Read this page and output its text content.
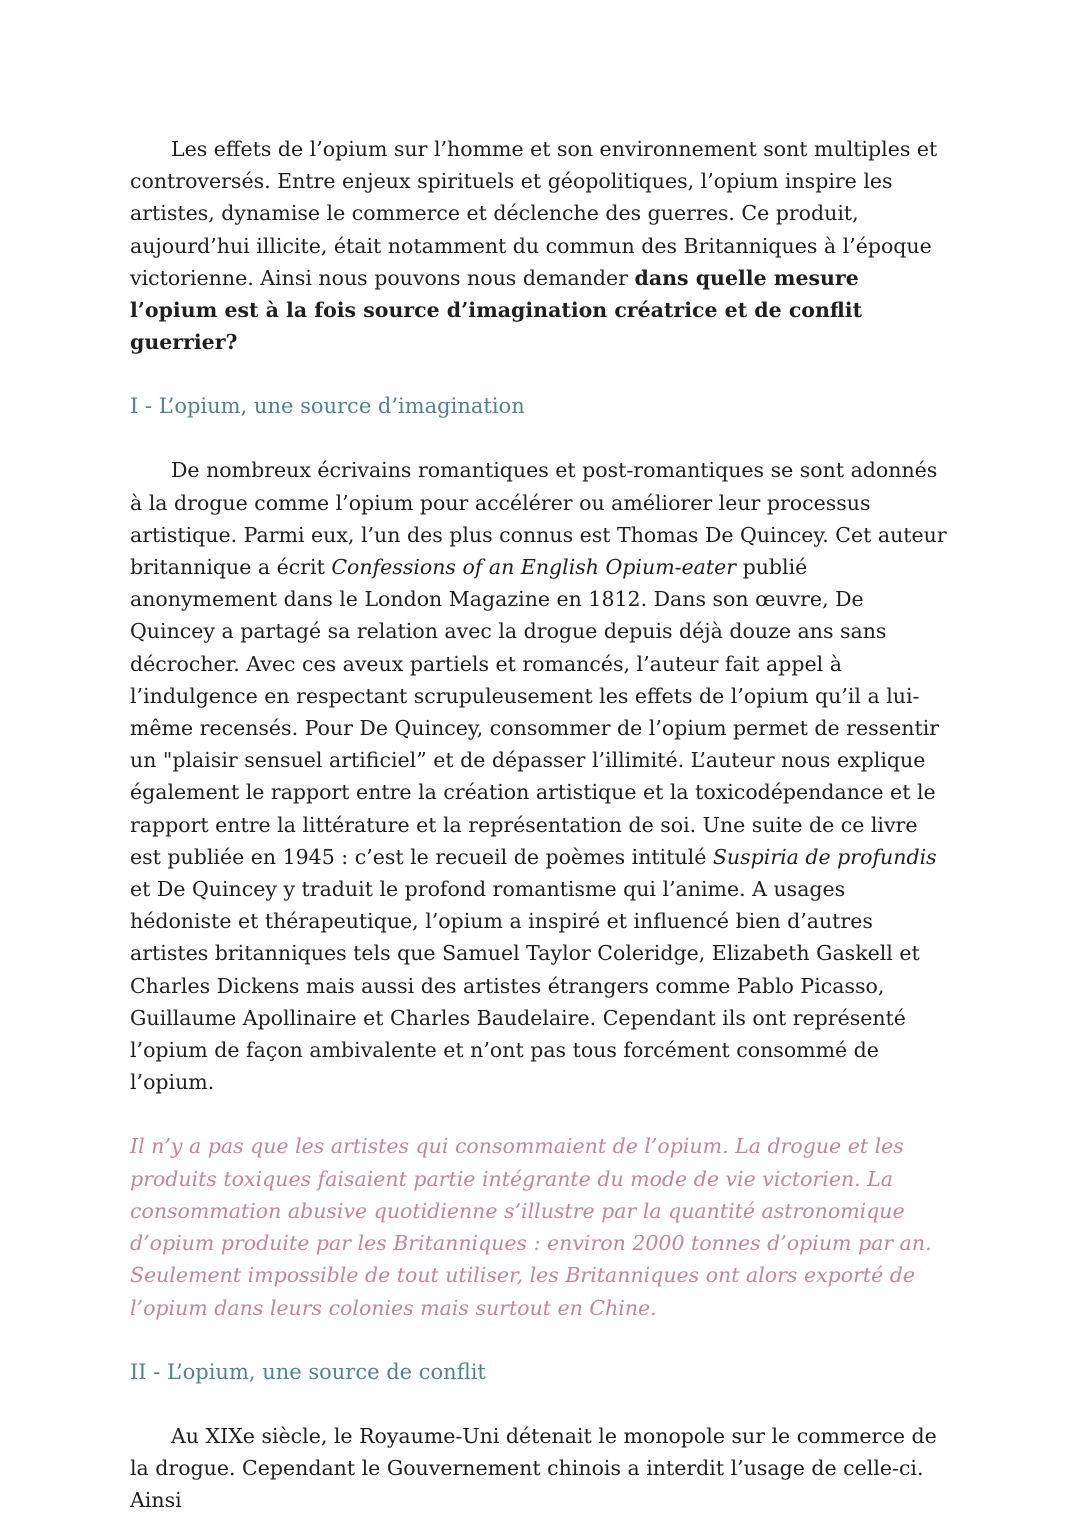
Les effets de l’opium sur l’homme et son environnement sont multiples et controversés. Entre enjeux spirituels et géopolitiques, l’opium inspire les artistes, dynamise le commerce et déclenche des guerres. Ce produit, aujourd’hui illicite, était notamment du commun des Britanniques à l’époque victorienne. Ainsi nous pouvons nous demander dans quelle mesure l’opium est à la fois source d’imagination créatrice et de conflit guerrier?

I - L’opium, une source d’imagination

De nombreux écrivains romantiques et post-romantiques se sont adonnés à la drogue comme l’opium pour accélérer ou améliorer leur processus artistique. Parmi eux, l’un des plus connus est Thomas De Quincey. Cet auteur britannique a écrit Confessions of an English Opium-eater publié anonymement dans le London Magazine en 1812. Dans son œuvre, De Quincey a partagé sa relation avec la drogue depuis déjà douze ans sans décrocher. Avec ces aveux partiels et romancés, l’auteur fait appel à l’indulgence en respectant scrupuleusement les effets de l’opium qu’il a lui-même recensés. Pour De Quincey, consommer de l’opium permet de ressentir un "plaisir sensuel artificiel” et de dépasser l’illimité. L’auteur nous explique également le rapport entre la création artistique et la toxicodépendance et le rapport entre la littérature et la représentation de soi. Une suite de ce livre est publiée en 1945 : c’est le recueil de poèmes intitulé Suspiria de profundis et De Quincey y traduit le profond romantisme qui l’anime. A usages hédoniste et thérapeutique, l’opium a inspiré et influencé bien d’autres artistes britanniques tels que Samuel Taylor Coleridge, Elizabeth Gaskell et Charles Dickens mais aussi des artistes étrangers comme Pablo Picasso, Guillaume Apollinaire et Charles Baudelaire. Cependant ils ont représenté l’opium de façon ambivalente et n’ont pas tous forcément consommé de l’opium.

Il n’y a pas que les artistes qui consommaient de l’opium. La drogue et les produits toxiques faisaient partie intégrante du mode de vie victorien. La consommation abusive quotidienne s’illustre par la quantité astronomique d’opium produite par les Britanniques : environ 2000 tonnes d’opium par an. Seulement impossible de tout utiliser, les Britanniques ont alors exporté de l’opium dans leurs colonies mais surtout en Chine.

II - L’opium, une source de conflit

Au XIXe siècle, le Royaume-Uni détenait le monopole sur le commerce de la drogue. Cependant le Gouvernement chinois a interdit l’usage de celle-ci. Ainsi
